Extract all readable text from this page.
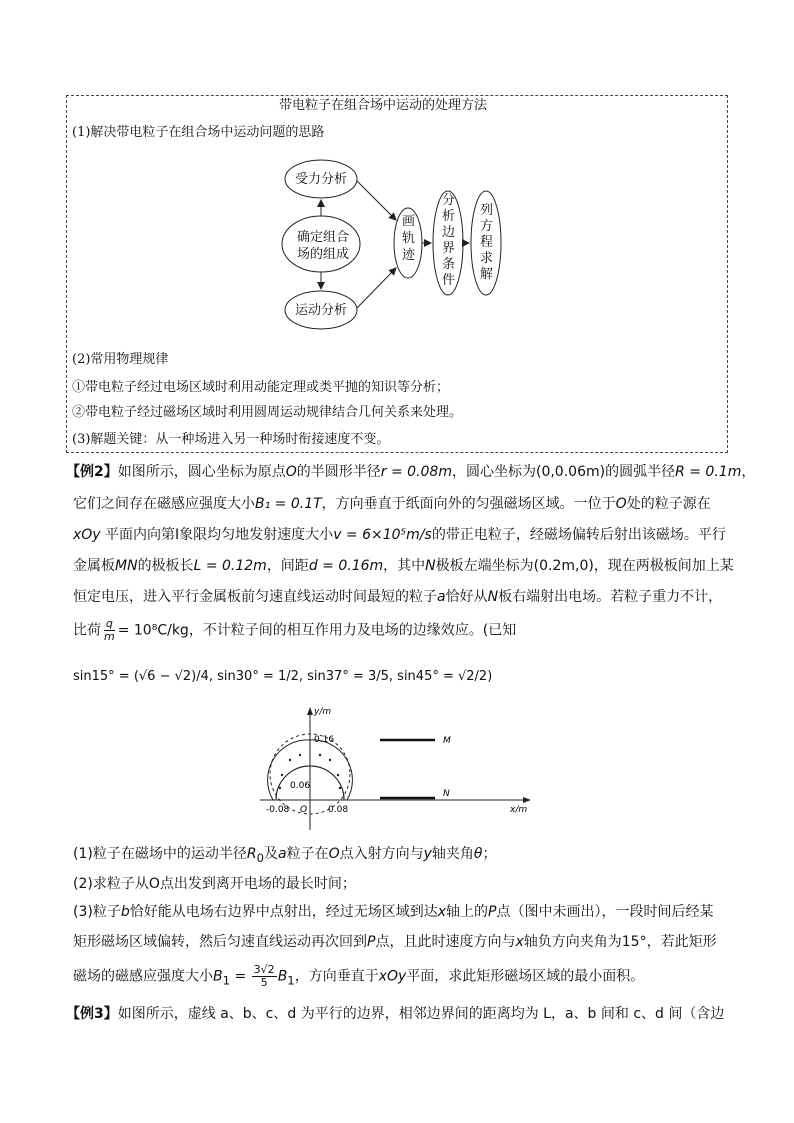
带电粒子在组合场中运动的处理方法
(1)解决带电粒子在组合场中运动问题的思路
受力分析
确定组合
场的组成
运动分析
画轨迹
分析边界条件
列方程求解
(2)常用物理规律
①带电粒子经过电场区域时利用动能定理或类平抛的知识等分析；
②带电粒子经过磁场区域时利用圆周运动规律结合几何关系来处理。
(3)解题关键：从一种场进入另一种场时衔接速度不变。
【例2】如图所示，圆心坐标为原点O的半圆形半径r = 0.08m，圆心坐标为(0,0.06m)的圆弧半径R = 0.1m，
它们之间存在磁感应强度大小B₁ = 0.1T，方向垂直于纸面向外的匀强磁场区域。一位于O处的粒子源在
xOy 平面内向第Ⅰ象限均匀地发射速度大小v = 6×10⁵m/s的带正电粒子，经磁场偏转后射出该磁场。平行
金属板MN的极板长L = 0.12m，间距d = 0.16m，其中N极板左端坐标为(0.2m,0)，现在两极板间加上某
恒定电压，进入平行金属板前匀速直线运动时间最短的粒子a恰好从N板右端射出电场。若粒子重力不计，
比荷 $\frac{q}{m} = 10^8C/kg$，不计粒子间的相互作用力及电场的边缘效应。(已知
sin15° = (√6 − √2)/4, sin30° = 1/2, sin37° = 3/5, sin45° = √2/2)
y/m
x/m
0.16
0.06
-0.08 O 0.08
M
N
(1)粒子在磁场中的运动半径$R_0$及a粒子在O点入射方向与y轴夹角θ；
(2)求粒子从O点出发到离开电场的最长时间；
(3)粒子b恰好能从电场右边界中点射出，经过无场区域到达x轴上的P点（图中未画出），一段时间后经某
矩形磁场区域偏转，然后匀速直线运动再次回到P点，且此时速度方向与x轴负方向夹角为15°，若此矩形
磁场的磁感应强度大小$B_1 = \frac{3√2}{5} B_1$，方向垂直于xOy平面，求此矩形磁场区域的最小面积。
【例3】如图所示，虚线 a、b、c、d 为平行的边界，相邻边界间的距离均为 L，a、b 间和 c、d 间（含边
